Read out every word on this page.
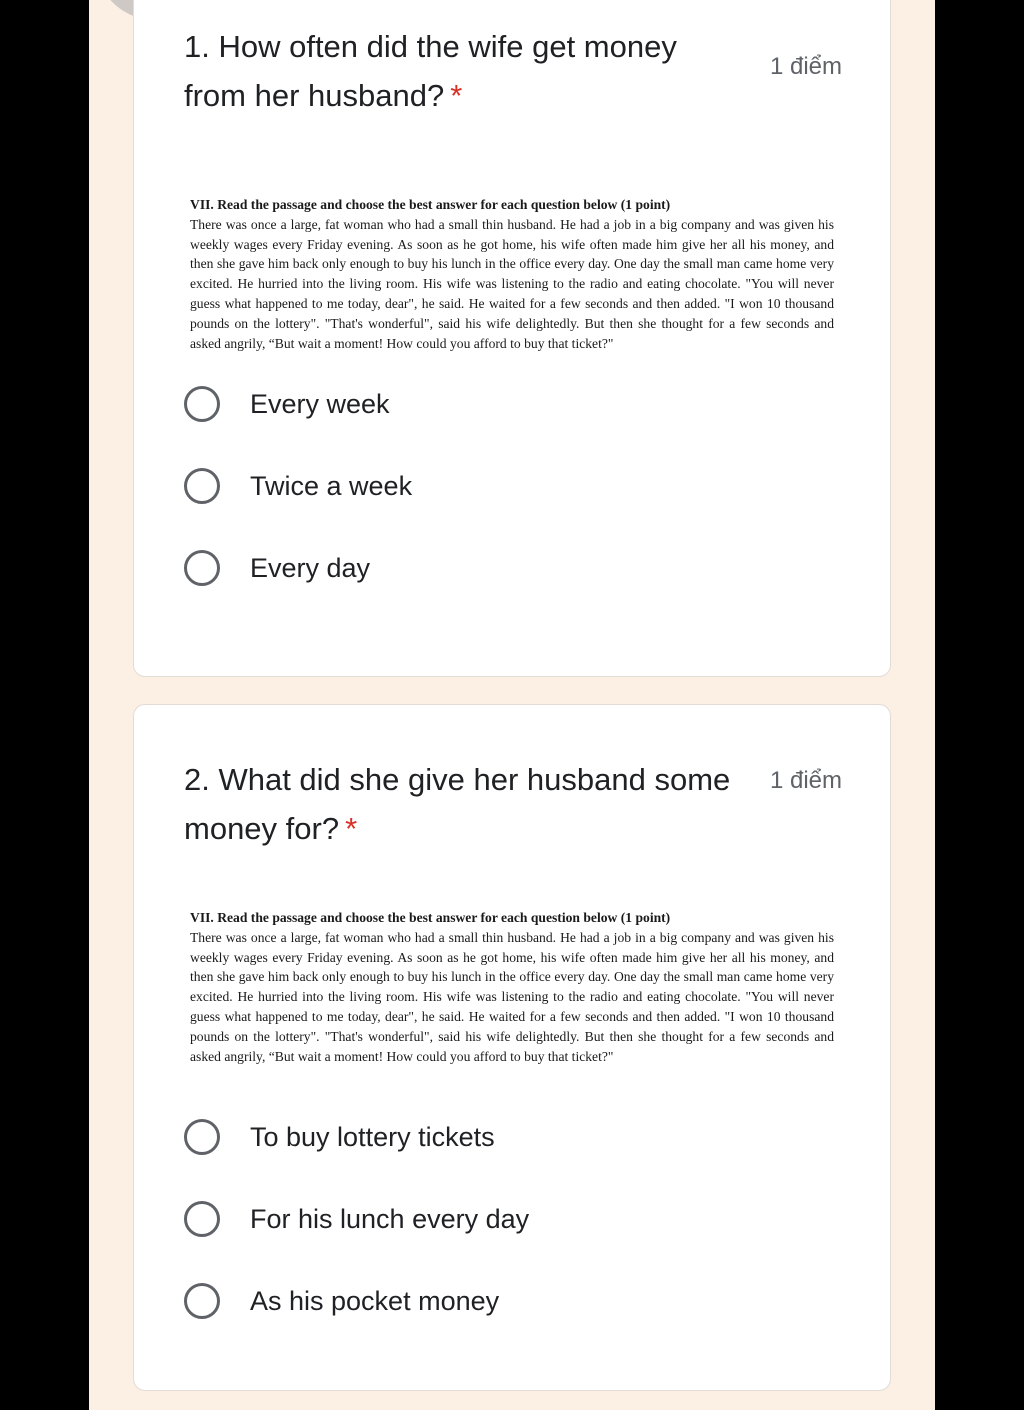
1. How often did the wife get money from her husband? *
1 điểm
VII. Read the passage and choose the best answer for each question below (1 point)
There was once a large, fat woman who had a small thin husband. He had a job in a big company and was given his weekly wages every Friday evening. As soon as he got home, his wife often made him give her all his money, and then she gave him back only enough to buy his lunch in the office every day. One day the small man came home very excited. He hurried into the living room. His wife was listening to the radio and eating chocolate. "You will never guess what happened to me today, dear", he said. He waited for a few seconds and then added. "I won 10 thousand pounds on the lottery". "That's wonderful", said his wife delightedly. But then she thought for a few seconds and asked angrily, “But wait a moment! How could you afford to buy that ticket?"
Every week
Twice a week
Every day
2. What did she give her husband some money for? *
1 điểm
VII. Read the passage and choose the best answer for each question below (1 point)
There was once a large, fat woman who had a small thin husband. He had a job in a big company and was given his weekly wages every Friday evening. As soon as he got home, his wife often made him give her all his money, and then she gave him back only enough to buy his lunch in the office every day. One day the small man came home very excited. He hurried into the living room. His wife was listening to the radio and eating chocolate. "You will never guess what happened to me today, dear", he said. He waited for a few seconds and then added. "I won 10 thousand pounds on the lottery". "That's wonderful", said his wife delightedly. But then she thought for a few seconds and asked angrily, “But wait a moment! How could you afford to buy that ticket?"
To buy lottery tickets
For his lunch every day
As his pocket money
